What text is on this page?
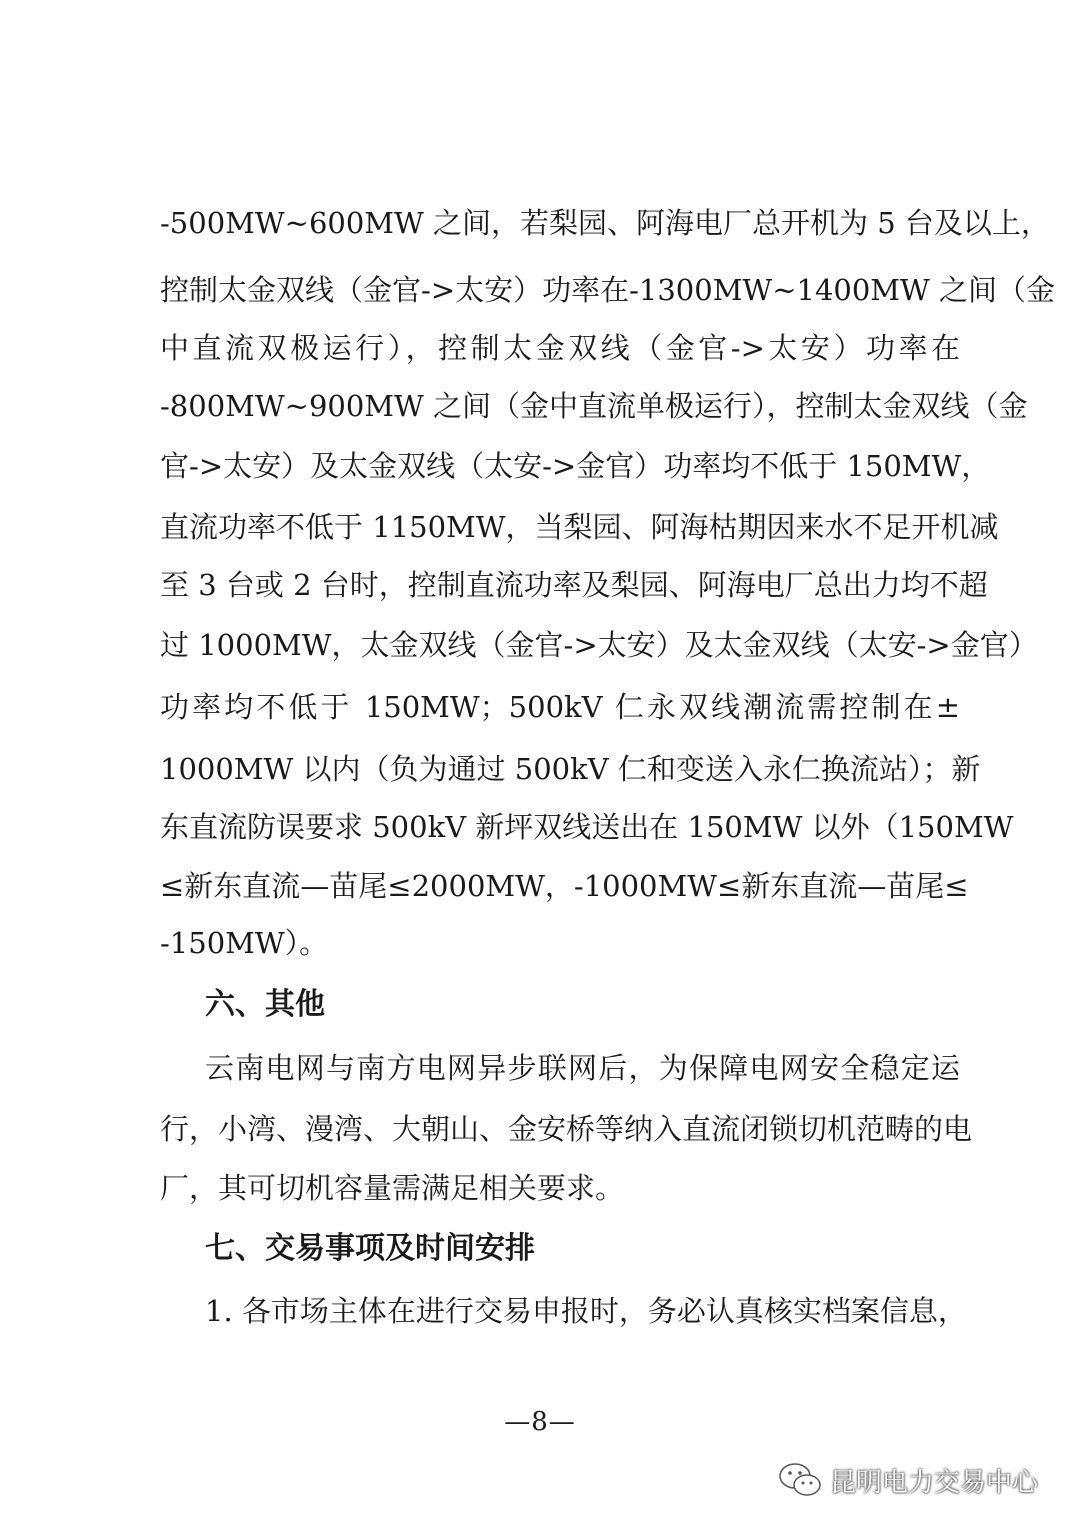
-500MW~600MW 之间，若梨园、阿海电厂总开机为 5 台及以上，
控制太金双线（金官->太安）功率在-1300MW~1400MW 之间（金
中直流双极运行），控制太金双线（金官->太安）功率在
-800MW~900MW 之间（金中直流单极运行），控制太金双线（金
官->太安）及太金双线（太安->金官）功率均不低于 150MW，
直流功率不低于 1150MW，当梨园、阿海枯期因来水不足开机减
至 3 台或 2 台时，控制直流功率及梨园、阿海电厂总出力均不超
过 1000MW，太金双线（金官->太安）及太金双线（太安->金官）
功率均不低于 150MW；500kV 仁永双线潮流需控制在±
1000MW 以内（负为通过 500kV 仁和变送入永仁换流站）；新
东直流防误要求 500kV 新坪双线送出在 150MW 以外（150MW
≤新东直流—苗尾≤2000MW，-1000MW≤新东直流—苗尾≤
-150MW）。
六、其他
云南电网与南方电网异步联网后，为保障电网安全稳定运
行，小湾、漫湾、大朝山、金安桥等纳入直流闭锁切机范畴的电
厂，其可切机容量需满足相关要求。
七、交易事项及时间安排
1. 各市场主体在进行交易申报时，务必认真核实档案信息，
—8—
昆明电力交易中心
